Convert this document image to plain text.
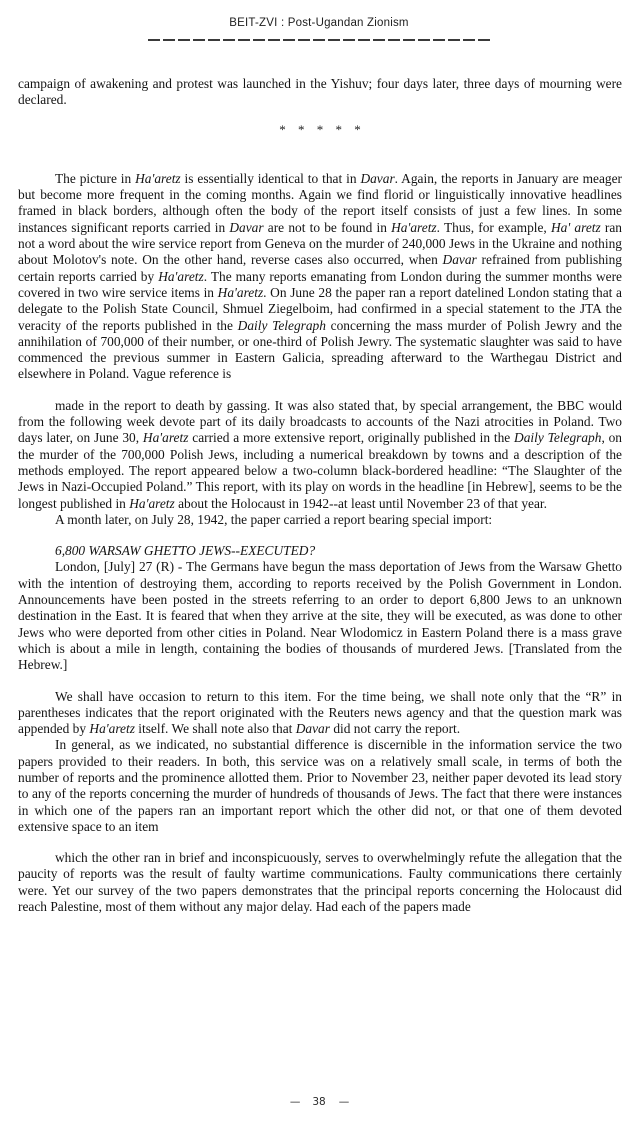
BEIT-ZVI : Post-Ugandan Zionism

campaign of awakening and protest was launched in the Yishuv; four days later, three days of mourning were declared.

* * * * *

The picture in Ha'aretz is essentially identical to that in Davar. Again, the reports in January are meager but become more frequent in the coming months. Again we find florid or linguistically innovative headlines framed in black borders, although often the body of the report itself consists of just a few lines. In some instances significant reports carried in Davar are not to be found in Ha'aretz. Thus, for example, Ha' aretz ran not a word about the wire service report from Geneva on the murder of 240,000 Jews in the Ukraine and nothing about Molotov's note. On the other hand, reverse cases also occurred, when Davar refrained from publishing certain reports carried by Ha'aretz. The many reports emanating from London during the summer months were covered in two wire service items in Ha'aretz. On June 28 the paper ran a report datelined London stating that a delegate to the Polish State Council, Shmuel Ziegelboim, had confirmed in a special statement to the JTA the veracity of the reports published in the Daily Telegraph concerning the mass murder of Polish Jewry and the annihilation of 700,000 of their number, or one-third of Polish Jewry. The systematic slaughter was said to have commenced the previous summer in Eastern Galicia, spreading afterward to the Warthegau District and elsewhere in Poland. Vague reference is

made in the report to death by gassing. It was also stated that, by special arrangement, the BBC would from the following week devote part of its daily broadcasts to accounts of the Nazi atrocities in Poland. Two days later, on June 30, Ha'aretz carried a more extensive report, originally published in the Daily Telegraph, on the murder of the 700,000 Polish Jews, including a numerical breakdown by towns and a description of the methods employed. The report appeared below a two-column black-bordered headline: “The Slaughter of the Jews in Nazi-Occupied Poland.” This report, with its play on words in the headline [in Hebrew], seems to be the longest published in Ha'aretz about the Holocaust in 1942--at least until November 23 of that year.

A month later, on July 28, 1942, the paper carried a report bearing special import:

6,800 WARSAW GHETTO JEWS--EXECUTED?

London, [July] 27 (R) - The Germans have begun the mass deportation of Jews from the Warsaw Ghetto with the intention of destroying them, according to reports received by the Polish Government in London. Announcements have been posted in the streets referring to an order to deport 6,800 Jews to an unknown destination in the East. It is feared that when they arrive at the site, they will be executed, as was done to other Jews who were deported from other cities in Poland. Near Wlodomicz in Eastern Poland there is a mass grave which is about a mile in length, containing the bodies of thousands of murdered Jews. [Translated from the Hebrew.]

We shall have occasion to return to this item. For the time being, we shall note only that the “R” in parentheses indicates that the report originated with the Reuters news agency and that the question mark was appended by Ha'aretz itself. We shall note also that Davar did not carry the report.

In general, as we indicated, no substantial difference is discernible in the information service the two papers provided to their readers. In both, this service was on a relatively small scale, in terms of both the number of reports and the prominence allotted them. Prior to November 23, neither paper devoted its lead story to any of the reports concerning the murder of hundreds of thousands of Jews. The fact that there were instances in which one of the papers ran an important report which the other did not, or that one of them devoted extensive space to an item

which the other ran in brief and inconspicuously, serves to overwhelmingly refute the allegation that the paucity of reports was the result of faulty wartime communications. Faulty communications there certainly were. Yet our survey of the two papers demonstrates that the principal reports concerning the Holocaust did reach Palestine, most of them without any major delay. Had each of the papers made

— 38 —
